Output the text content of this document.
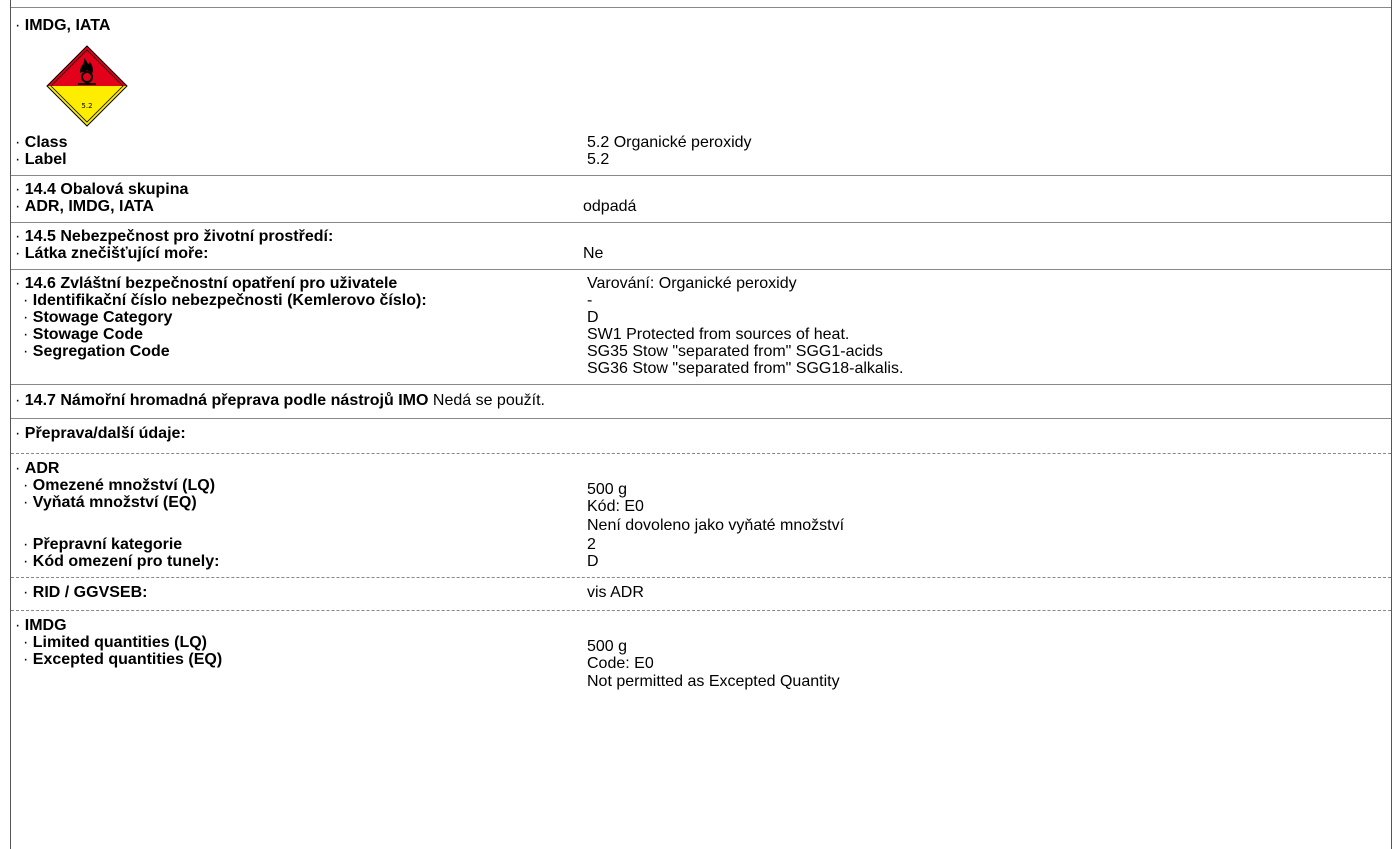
· IMDG, IATA
5.2
· Class	5.2 Organické peroxidy
· Label	5.2
· 14.4 Obalová skupina
· ADR, IMDG, IATA	odpadá
· 14.5 Nebezpečnost pro životní prostředí:
· Látka znečišťující moře:	Ne
· 14.6 Zvláštní bezpečnostní opatření pro uživatele	Varování: Organické peroxidy
· Identifikační číslo nebezpečnosti (Kemlerovo číslo):	-
· Stowage Category	D
· Stowage Code	SW1 Protected from sources of heat.
· Segregation Code	SG35 Stow "separated from" SGG1-acids
SG36 Stow "separated from" SGG18-alkalis.
· 14.7 Námořní hromadná přeprava podle nástrojů IMO Nedá se použít.
· Přeprava/další údaje:
· ADR
· Omezené množství (LQ)	500 g
· Vyňatá množství (EQ)	Kód: E0
Není dovoleno jako vyňaté množství
· Přepravní kategorie	2
· Kód omezení pro tunely:	D
· RID / GGVSEB:	vis ADR
· IMDG
· Limited quantities (LQ)	500 g
· Excepted quantities (EQ)	Code: E0
Not permitted as Excepted Quantity
